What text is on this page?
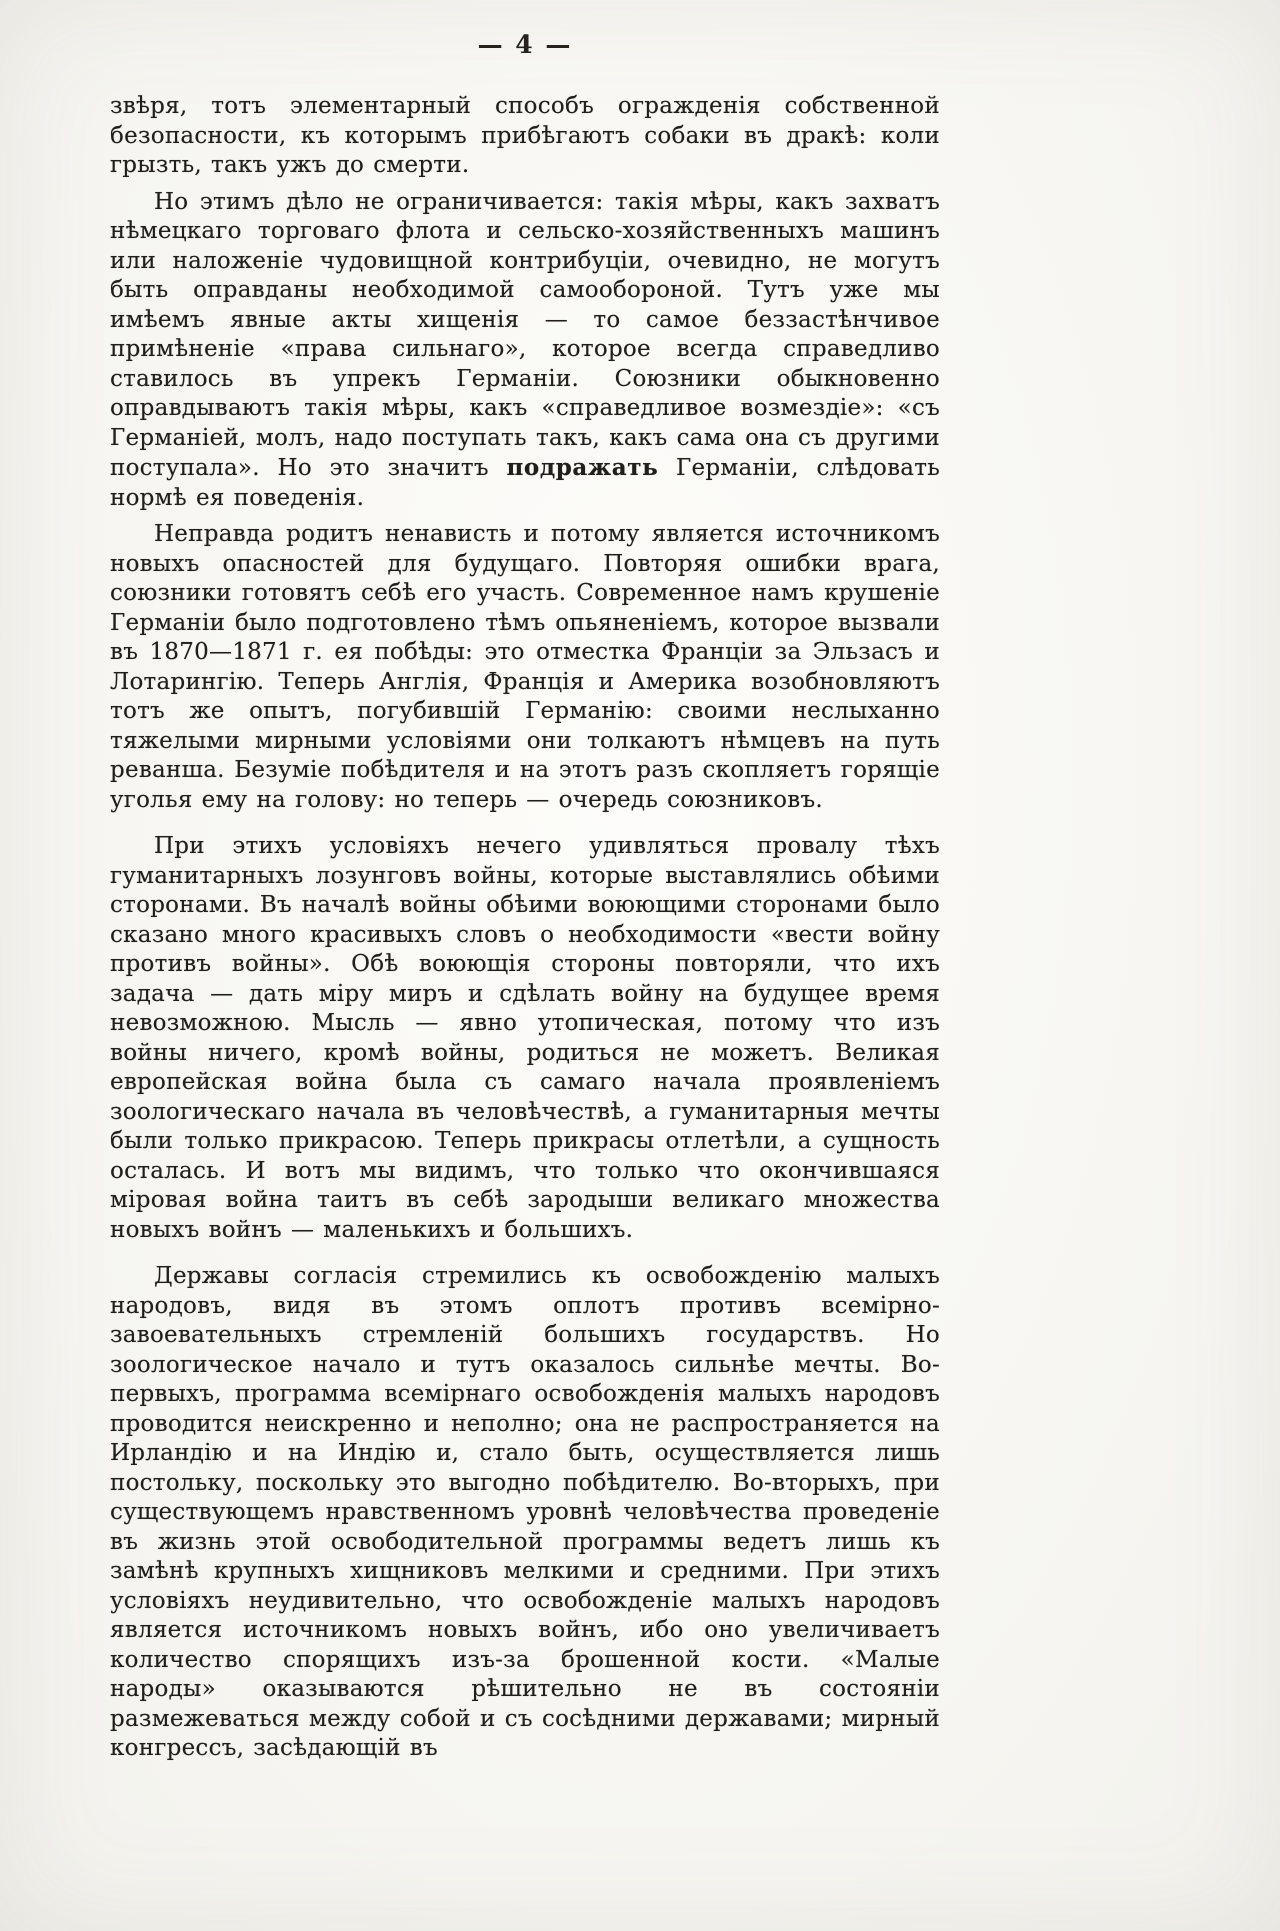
— 4 —

звѣря, тотъ элементарный способъ огражденія собственной безопасности, къ которымъ прибѣгаютъ собаки въ дракѣ: коли грызть, такъ ужъ до смерти.

Но этимъ дѣло не ограничивается: такія мѣры, какъ захватъ нѣмецкаго торговаго флота и сельско-хозяйственныхъ машинъ или наложеніе чудовищной контрибуціи, очевидно, не могутъ быть оправданы необходимой самообороной. Тутъ уже мы имѣемъ явные акты хищенія — то самое беззастѣнчивое примѣненіе «права сильнаго», которое всегда справедливо ставилось въ упрекъ Германіи. Союзники обыкновенно оправдываютъ такія мѣры, какъ «справедливое возмездіе»: «съ Германіей, молъ, надо поступать такъ, какъ сама она съ другими поступала». Но это значитъ подражать Германіи, слѣдовать нормѣ ея поведенія.

Неправда родитъ ненависть и потому является источникомъ новыхъ опасностей для будущаго. Повторяя ошибки врага, союзники готовятъ себѣ его участь. Современное намъ крушеніе Германіи было подготовлено тѣмъ опьяненіемъ, которое вызвали въ 1870—1871 г. ея побѣды: это отместка Франціи за Эльзасъ и Лотарингію. Теперь Англія, Франція и Америка возобновляютъ тотъ же опытъ, погубившій Германію: своими неслыханно тяжелыми мирными условіями они толкаютъ нѣмцевъ на путь реванша. Безуміе побѣдителя и на этотъ разъ скопляетъ горящіе уголья ему на голову: но теперь — очередь союзниковъ.

При этихъ условіяхъ нечего удивляться провалу тѣхъ гуманитарныхъ лозунговъ войны, которые выставлялись обѣими сторонами. Въ началѣ войны обѣими воюющими сторонами было сказано много красивыхъ словъ о необходимости «вести войну противъ войны». Обѣ воюющія стороны повторяли, что ихъ задача — дать міру миръ и сдѣлать войну на будущее время невозможною. Мысль — явно утопическая, потому что изъ войны ничего, кромѣ войны, родиться не можетъ. Великая европейская война была съ самаго начала проявленіемъ зоологическаго начала въ человѣчествѣ, а гуманитарныя мечты были только прикрасою. Теперь прикрасы отлетѣли, а сущность осталась. И вотъ мы видимъ, что только что окончившаяся міровая война таитъ въ себѣ зародыши великаго множества новыхъ войнъ — маленькихъ и большихъ.

Державы согласія стремились къ освобожденію малыхъ народовъ, видя въ этомъ оплотъ противъ всемірно-завоевательныхъ стремленій большихъ государствъ. Но зоологическое начало и тутъ оказалось сильнѣе мечты. Во-первыхъ, программа всемірнаго освобожденія малыхъ народовъ проводится неискренно и неполно; она не распространяется на Ирландію и на Индію и, стало быть, осуществляется лишь постольку, поскольку это выгодно побѣдителю. Во-вторыхъ, при существующемъ нравственномъ уровнѣ человѣчества проведеніе въ жизнь этой освободительной программы ведетъ лишь къ замѣнѣ крупныхъ хищниковъ мелкими и средними. При этихъ условіяхъ неудивительно, что освобожденіе малыхъ народовъ является источникомъ новыхъ войнъ, ибо оно увеличиваетъ количество спорящихъ изъ-за брошенной кости. «Малые народы» оказываются рѣшительно не въ состояніи размежеваться между собой и съ сосѣдними державами; мирный конгрессъ, засѣдающій въ
